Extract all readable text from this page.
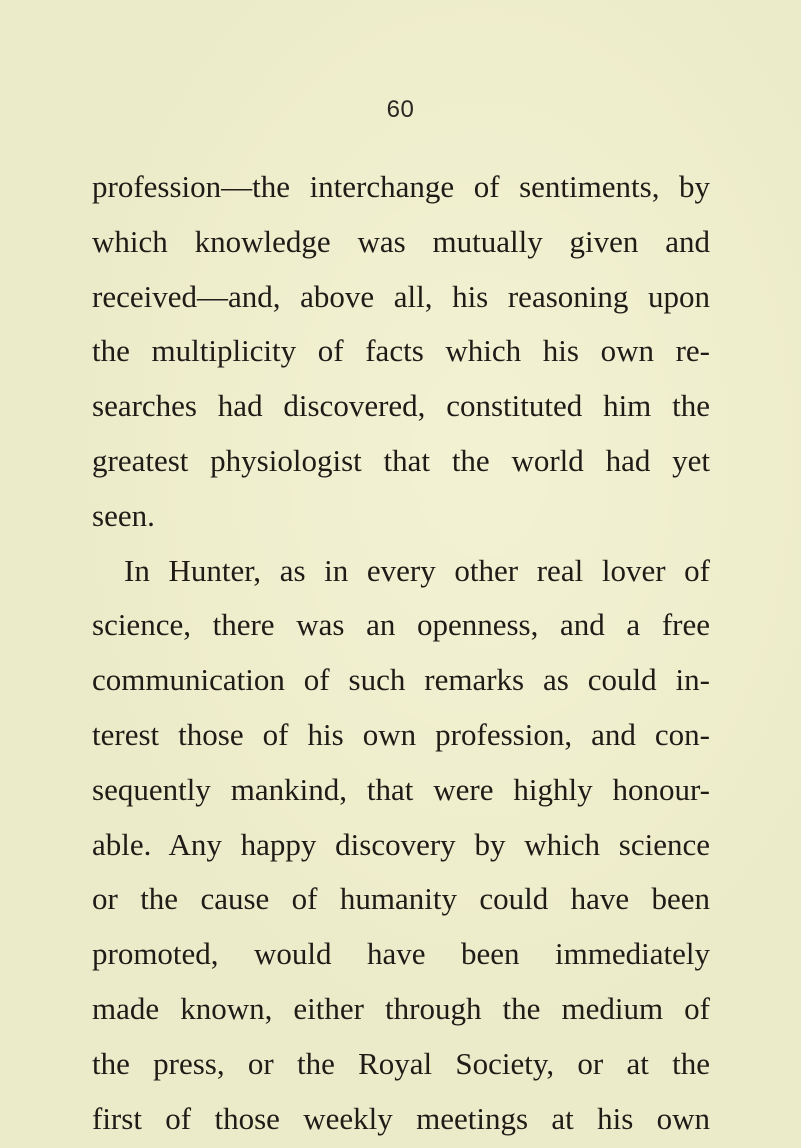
60
profession—the interchange of sentiments, by
which knowledge was mutually given and
received—and, above all, his reasoning upon
the multiplicity of facts which his own re-
searches had discovered, constituted him the
greatest physiologist that the world had yet
seen.
In Hunter, as in every other real lover of
science, there was an openness, and a free
communication of such remarks as could in-
terest those of his own profession, and con-
sequently mankind, that were highly honour-
able. Any happy discovery by which science
or the cause of humanity could have been
promoted, would have been immediately
made known, either through the medium of
the press, or the Royal Society, or at the
first of those weekly meetings at his own
